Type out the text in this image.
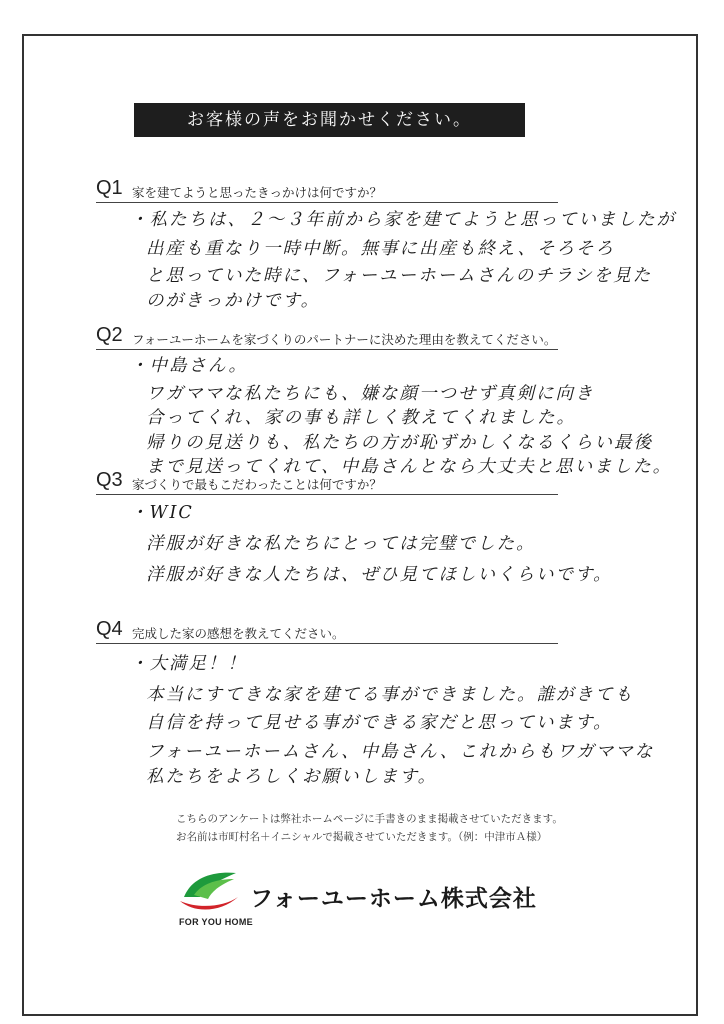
お客様の声をお聞かせください。
Q1 家を建てようと思ったきっかけは何ですか？
・私たちは、２〜３年前から家を建てようと思っていましたが
出産も重なり一時中断。無事に出産も終え、そろそろ
と思っていた時に、フォーユーホームさんのチラシを見た
のがきっかけです。
Q2 フォーユーホームを家づくりのパートナーに決めた理由を教えてください。
・中島さん。
ワガママな私たちにも、嫌な顔一つせず真剣に向き
合ってくれ、家の事も詳しく教えてくれました。
帰りの見送りも、私たちの方が恥ずかしくなるくらい最後
まで見送ってくれて、中島さんとなら大丈夫と思いました。
Q3 家づくりで最もこだわったことは何ですか？
・WIC
洋服が好きな私たちにとっては完璧でした。
洋服が好きな人たちは、ぜひ見てほしいくらいです。
Q4 完成した家の感想を教えてください。
・大満足！！
本当にすてきな家を建てる事ができました。誰がきても
自信を持って見せる事ができる家だと思っています。
フォーユーホームさん、中島さん、これからもワガママな
私たちをよろしくお願いします。
こちらのアンケートは弊社ホームページに手書きのまま掲載させていただきます。
お名前は市町村名＋イニシャルで掲載させていただきます。（例：中津市Ａ様）
FOR YOU HOME
フォーユーホーム株式会社
